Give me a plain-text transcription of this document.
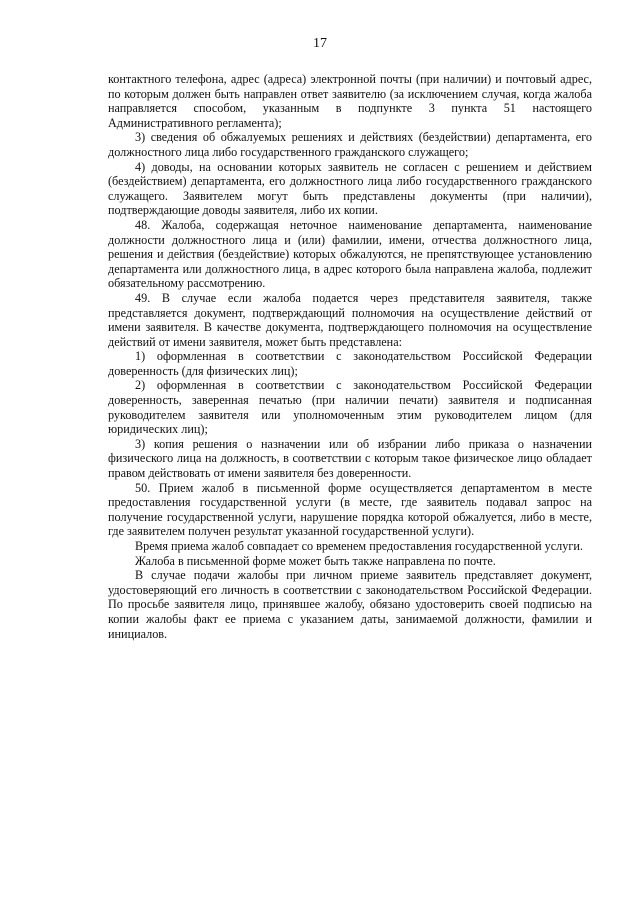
17

контактного телефона, адрес (адреса) электронной почты (при наличии) и почтовый адрес, по которым должен быть направлен ответ заявителю (за исключением случая, когда жалоба направляется способом, указанным в подпункте 3 пункта 51 настоящего Административного регламента);

3) сведения об обжалуемых решениях и действиях (бездействии) департамента, его должностного лица либо государственного гражданского служащего;

4) доводы, на основании которых заявитель не согласен с решением и действием (бездействием) департамента, его должностного лица либо государственного гражданского служащего. Заявителем могут быть представлены документы (при наличии), подтверждающие доводы заявителя, либо их копии.

48. Жалоба, содержащая неточное наименование департамента, наименование должности должностного лица и (или) фамилии, имени, отчества должностного лица, решения и действия (бездействие) которых обжалуются, не препятствующее установлению департамента или должностного лица, в адрес которого была направлена жалоба, подлежит обязательному рассмотрению.

49. В случае если жалоба подается через представителя заявителя, также представляется документ, подтверждающий полномочия на осуществление действий от имени заявителя. В качестве документа, подтверждающего полномочия на осуществление действий от имени заявителя, может быть представлена:

1) оформленная в соответствии с законодательством Российской Федерации доверенность (для физических лиц);

2) оформленная в соответствии с законодательством Российской Федерации доверенность, заверенная печатью (при наличии печати) заявителя и подписанная руководителем заявителя или уполномоченным этим руководителем лицом (для юридических лиц);

3) копия решения о назначении или об избрании либо приказа о назначении физического лица на должность, в соответствии с которым такое физическое лицо обладает правом действовать от имени заявителя без доверенности.

50. Прием жалоб в письменной форме осуществляется департаментом в месте предоставления государственной услуги (в месте, где заявитель подавал запрос на получение государственной услуги, нарушение порядка которой обжалуется, либо в месте, где заявителем получен результат указанной государственной услуги).

Время приема жалоб совпадает со временем предоставления государственной услуги.

Жалоба в письменной форме может быть также направлена по почте.

В случае подачи жалобы при личном приеме заявитель представляет документ, удостоверяющий его личность в соответствии с законодательством Российской Федерации. По просьбе заявителя лицо, принявшее жалобу, обязано удостоверить своей подписью на копии жалобы факт ее приема с указанием даты, занимаемой должности, фамилии и инициалов.
